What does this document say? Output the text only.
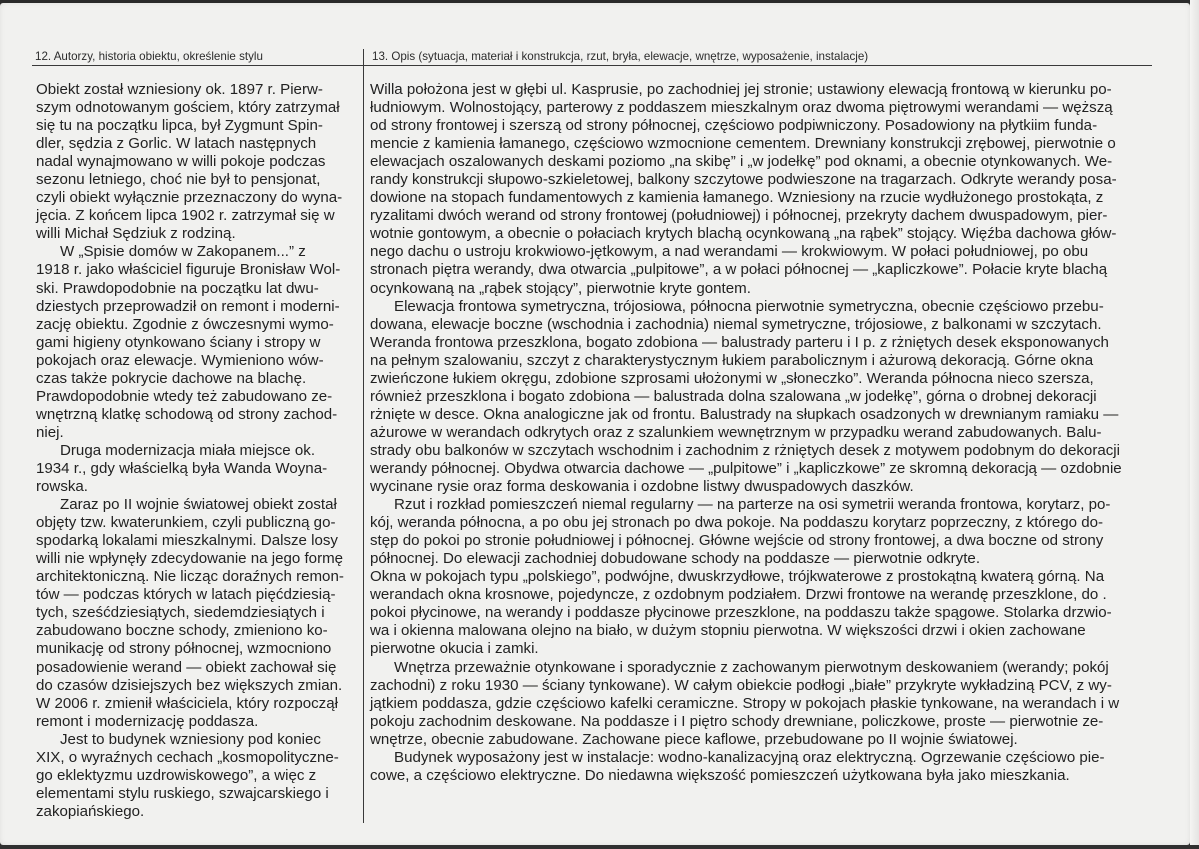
12. Autorzy, historia obiektu, określenie stylu	13. Opis (sytuacja, materiał i konstrukcja, rzut, bryła, elewacje, wnętrze, wyposażenie, instalacje)
Obiekt został wzniesiony ok. 1897 r. Pierw-
szym odnotowanym gościem, który zatrzymał
się tu na początku lipca, był Zygmunt Spin-
dler, sędzia z Gorlic. W latach następnych
nadal wynajmowano w willi pokoje podczas
sezonu letniego, choć nie był to pensjonat,
czyli obiekt wyłącznie przeznaczony do wyna-
jęcia. Z końcem lipca 1902 r. zatrzymał się w
willi Michał Sędziuk z rodziną.
W „Spisie domów w Zakopanem...” z
1918 r. jako właściciel figuruje Bronisław Wol-
ski. Prawdopodobnie na początku lat dwu-
dziestych przeprowadził on remont i moderni-
zację obiektu. Zgodnie z ówczesnymi wymo-
gami higieny otynkowano ściany i stropy w
pokojach oraz elewacje. Wymieniono wów-
czas także pokrycie dachowe na blachę.
Prawdopodobnie wtedy też zabudowano ze-
wnętrzną klatkę schodową od strony zachod-
niej.
Druga modernizacja miała miejsce ok.
1934 r., gdy właścielką była Wanda Woyna-
rowska.
Zaraz po II wojnie światowej obiekt został
objęty tzw. kwaterunkiem, czyli publiczną go-
spodarką lokalami mieszkalnymi. Dalsze losy
willi nie wpłynęły zdecydowanie na jego formę
architektoniczną. Nie licząc doraźnych remon-
tów — podczas których w latach pięćdziesią-
tych, sześćdziesiątych, siedemdziesiątych i
zabudowano boczne schody, zmieniono ko-
munikację od strony północnej, wzmocniono
posadowienie werand — obiekt zachował się
do czasów dzisiejszych bez większych zmian.
W 2006 r. zmienił właściciela, który rozpoczął
remont i modernizację poddasza.
Jest to budynek wzniesiony pod koniec
XIX, o wyraźnych cechach „kosmopolityczne-
go eklektyzmu uzdrowiskowego”, a więc z
elementami stylu ruskiego, szwajcarskiego i
zakopiańskiego.
Willa położona jest w głębi ul. Kasprusie, po zachodniej jej stronie; ustawiony elewacją frontową w kierunku po-
łudniowym. Wolnostojący, parterowy z poddaszem mieszkalnym oraz dwoma piętrowymi werandami — węższą
od strony frontowej i szerszą od strony północnej, częściowo podpiwniczony. Posadowiony na płytkiim funda-
mencie z kamienia łamanego, częściowo wzmocnione cementem. Drewniany konstrukcji zrębowej, pierwotnie o
elewacjach oszalowanych deskami poziomo „na skibę” i „w jodełkę” pod oknami, a obecnie otynkowanych. We-
randy konstrukcji słupowo-szkieletowej, balkony szczytowe podwieszone na tragarzach. Odkryte werandy posa-
dowione na stopach fundamentowych z kamienia łamanego. Wzniesiony na rzucie wydłużonego prostokąta, z
ryzalitami dwóch werand od strony frontowej (południowej) i północnej, przekryty dachem dwuspadowym, pier-
wotnie gontowym, a obecnie o połaciach krytych blachą ocynkowaną „na rąbek” stojący. Więźba dachowa głów-
nego dachu o ustroju krokwiowo-jętkowym, a nad werandami — krokwiowym. W połaci południowej, po obu
stronach piętra werandy, dwa otwarcia „pulpitowe”, a w połaci północnej — „kapliczkowe”. Połacie kryte blachą
ocynkowaną na „rąbek stojący”, pierwotnie kryte gontem.
Elewacja frontowa symetryczna, trójosiowa, północna pierwotnie symetryczna, obecnie częściowo przebu-
dowana, elewacje boczne (wschodnia i zachodnia) niemal symetryczne, trójosiowe, z balkonami w szczytach.
Weranda frontowa przeszklona, bogato zdobiona — balustrady parteru i I p. z rżniętych desek eksponowanych
na pełnym szalowaniu, szczyt z charakterystycznym łukiem parabolicznym i ażurową dekoracją. Górne okna
zwieńczone łukiem okręgu, zdobione szprosami ułożonymi w „słoneczko”. Weranda północna nieco szersza,
również przeszklona i bogato zdobiona — balustrada dolna szalowana „w jodełkę”, górna o drobnej dekoracji
rżnięte w desce. Okna analogiczne jak od frontu. Balustrady na słupkach osadzonych w drewnianym ramiaku —
ażurowe w werandach odkrytych oraz z szalunkiem wewnętrznym w przypadku werand zabudowanych. Balu-
strady obu balkonów w szczytach wschodnim i zachodnim z rżniętych desek z motywem podobnym do dekoracji
werandy północnej. Obydwa otwarcia dachowe — „pulpitowe” i „kapliczkowe” ze skromną dekoracją — ozdobnie
wycinane rysie oraz forma deskowania i ozdobne listwy dwuspadowych daszków.
Rzut i rozkład pomieszczeń niemal regularny — na parterze na osi symetrii weranda frontowa, korytarz, po-
kój, weranda północna, a po obu jej stronach po dwa pokoje. Na poddaszu korytarz poprzeczny, z którego do-
stęp do pokoi po stronie południowej i północnej. Główne wejście od strony frontowej, a dwa boczne od strony
północnej. Do elewacji zachodniej dobudowane schody na poddasze — pierwotnie odkryte.
Okna w pokojach typu „polskiego”, podwójne, dwuskrzydłowe, trójkwaterowe z prostokątną kwaterą górną. Na
werandach okna krosnowe, pojedyncze, z ozdobnym podziałem. Drzwi frontowe na werandę przeszklone, do .
pokoi płycinowe, na werandy i poddasze płycinowe przeszklone, na poddaszu także spągowe. Stolarka drzwio-
wa i okienna malowana olejno na biało, w dużym stopniu pierwotna. W większości drzwi i okien zachowane
pierwotne okucia i zamki.
Wnętrza przeważnie otynkowane i sporadycznie z zachowanym pierwotnym deskowaniem (werandy; pokój
zachodni) z roku 1930 — ściany tynkowane). W całym obiekcie podłogi „białe” przykryte wykładziną PCV, z wy-
jątkiem poddasza, gdzie częściowo kafelki ceramiczne. Stropy w pokojach płaskie tynkowane, na werandach i w
pokoju zachodnim deskowane. Na poddasze i I piętro schody drewniane, policzkowe, proste — pierwotnie ze-
wnętrze, obecnie zabudowane. Zachowane piece kaflowe, przebudowane po II wojnie światowej.
Budynek wyposażony jest w instalacje: wodno-kanalizacyjną oraz elektryczną. Ogrzewanie częściowo pie-
cowe, a częściowo elektryczne. Do niedawna większość pomieszczeń użytkowana była jako mieszkania.
